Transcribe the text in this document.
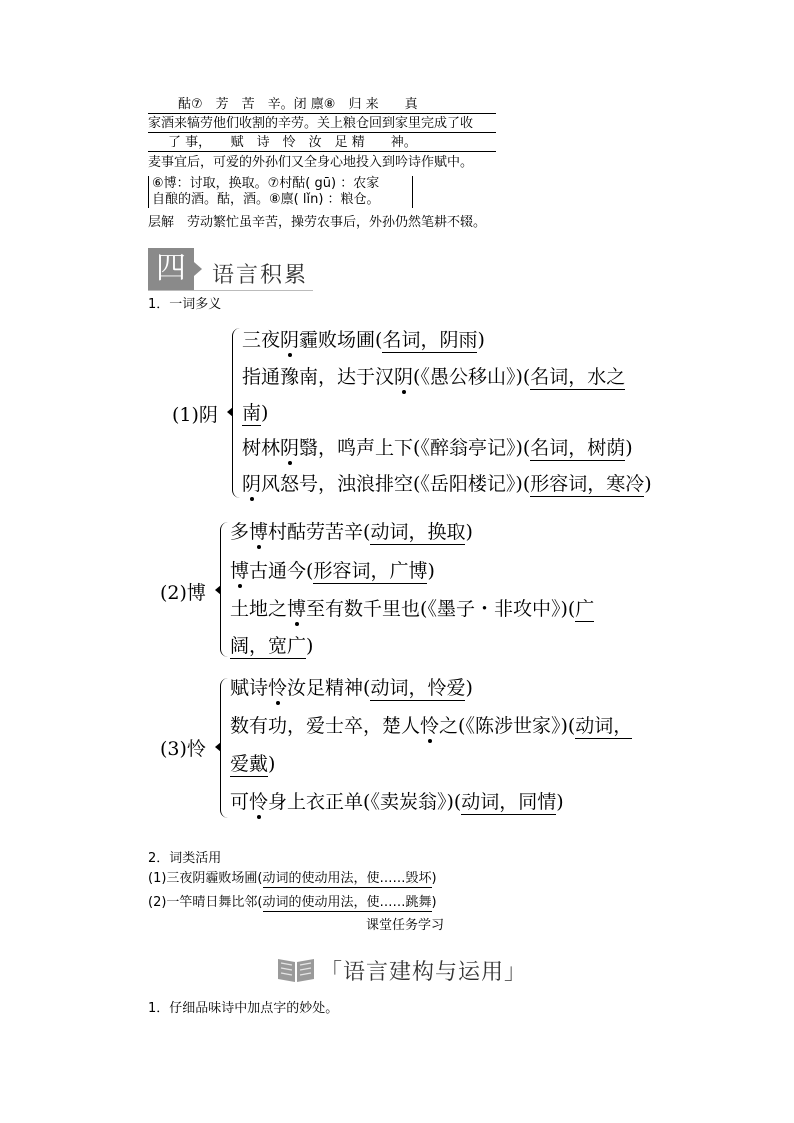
酤⑦　芳　苦　辛。闭 廪⑧　归 来　　真
家酒来犒劳他们收割的辛劳。关上粮仓回到家里完成了收
了 事，　　赋　诗　怜　汝　足 精　　神。
麦事宜后，可爱的外孙们又全身心地投入到吟诗作赋中。
⑥博：讨取，换取。⑦村酤( gū) ：农家
自酿的酒。酤，酒。⑧廪( lǐn) ：粮仓。
层解　劳动繁忙虽辛苦，操劳农事后，外孙仍然笔耕不辍。
四	语言积累
1．一词多义
(1)阴
三夜阴霾败场圃(名词，阴雨)
指通豫南，达于汉阴(《愚公移山》)(名词，水之
南)
树林阴翳，鸣声上下(《醉翁亭记》)(名词，树荫)
阴风怒号，浊浪排空(《岳阳楼记》)(形容词，寒冷)
(2)博
多博村酤劳苦辛(动词，换取)
博古通今(形容词，广博)
土地之博至有数千里也(《墨子・非攻中》)(广
阔，宽广)
(3)怜
赋诗怜汝足精神(动词，怜爱)
数有功，爱士卒，楚人怜之(《陈涉世家》)(动词，
爱戴)
可怜身上衣正单(《卖炭翁》)(动词，同情)
2．词类活用
(1)三夜阴霾败场圃(动词的使动用法，使……毁坏)
(2)一竿晴日舞比邻(动词的使动用法，使……跳舞)
课堂任务学习
「语言建构与运用」
1．仔细品味诗中加点字的妙处。
